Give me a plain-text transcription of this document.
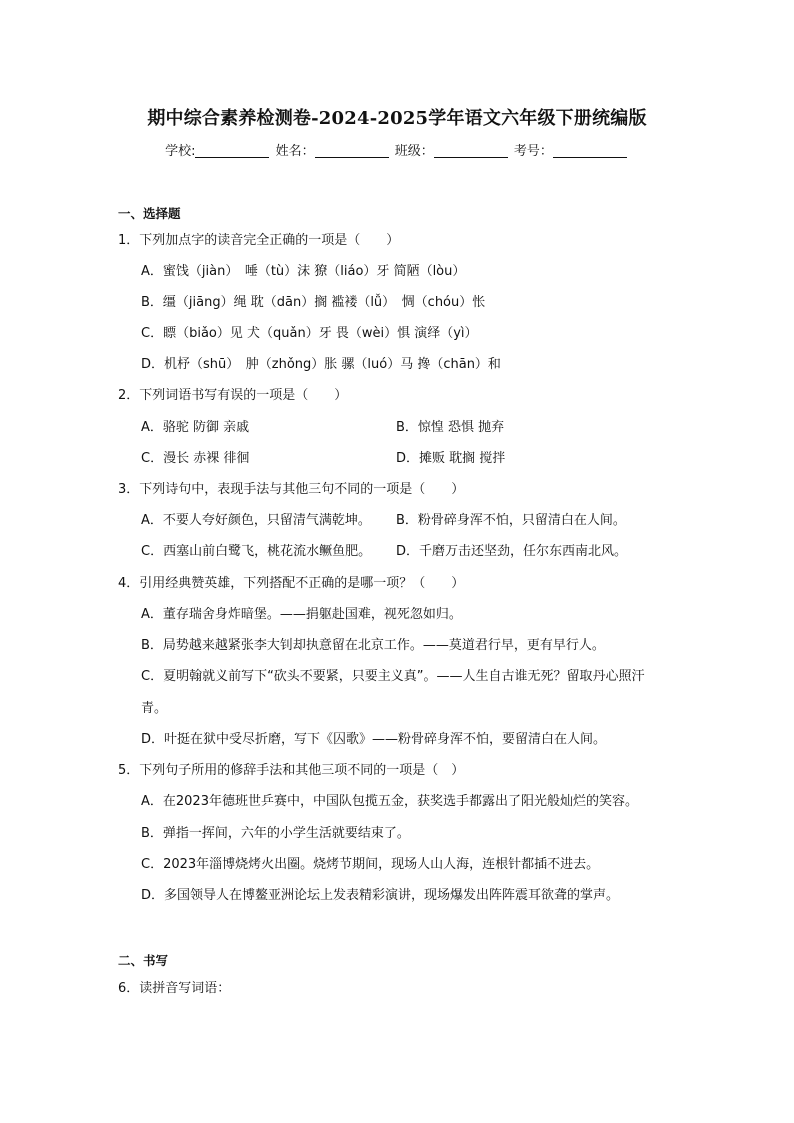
期中综合素养检测卷-2024-2025学年语文六年级下册统编版
学校:	姓名：	班级：	考号：
一、选择题
1．下列加点字的读音完全正确的一项是（　　）
A．蜜饯（jiàn）　唾（tù）沫 獠（liáo）牙 简陋（lòu）
B．缰（jiāng）绳 耽（dān）搁 褴褛（lǚ）　惆（chóu）怅
C．瞟（biǎo）见 犬（quǎn）牙 畏（wèi）惧 演绎（yì）
D．机杼（shū）　肿（zhǒng）胀 骡（luó）马 搀（chān）和
2．下列词语书写有误的一项是（　　）
A．骆驼 防御 亲戚	B．惊惶 恐惧 抛弃
C．漫长 赤裸 徘徊	D．摊贩 耽搁 搅拌
3．下列诗句中，表现手法与其他三句不同的一项是（　　）
A．不要人夸好颜色，只留清气满乾坤。 B．粉骨碎身浑不怕，只留清白在人间。
C．西塞山前白鹭飞，桃花流水鳜鱼肥。 D．千磨万击还坚劲，任尔东西南北风。
4．引用经典赞英雄，下列搭配不正确的是哪一项？（　　）
A．董存瑞舍身炸暗堡。——捐躯赴国难，视死忽如归。
B．局势越来越紧张李大钊却执意留在北京工作。——莫道君行早，更有早行人。
C．夏明翰就义前写下“砍头不要紧，只要主义真”。——人生自古谁无死？留取丹心照汗
青。
D．叶挺在狱中受尽折磨，写下《囚歌》——粉骨碎身浑不怕，要留清白在人间。
5．下列句子所用的修辞手法和其他三项不同的一项是（　）
A．在2023年德班世乒赛中，中国队包揽五金，获奖选手都露出了阳光般灿烂的笑容。
B．弹指一挥间，六年的小学生活就要结束了。
C．2023年淄博烧烤火出圈。烧烤节期间，现场人山人海，连根针都插不进去。
D．多国领导人在博鳌亚洲论坛上发表精彩演讲，现场爆发出阵阵震耳欲聋的掌声。
二、书写
6．读拼音写词语：
